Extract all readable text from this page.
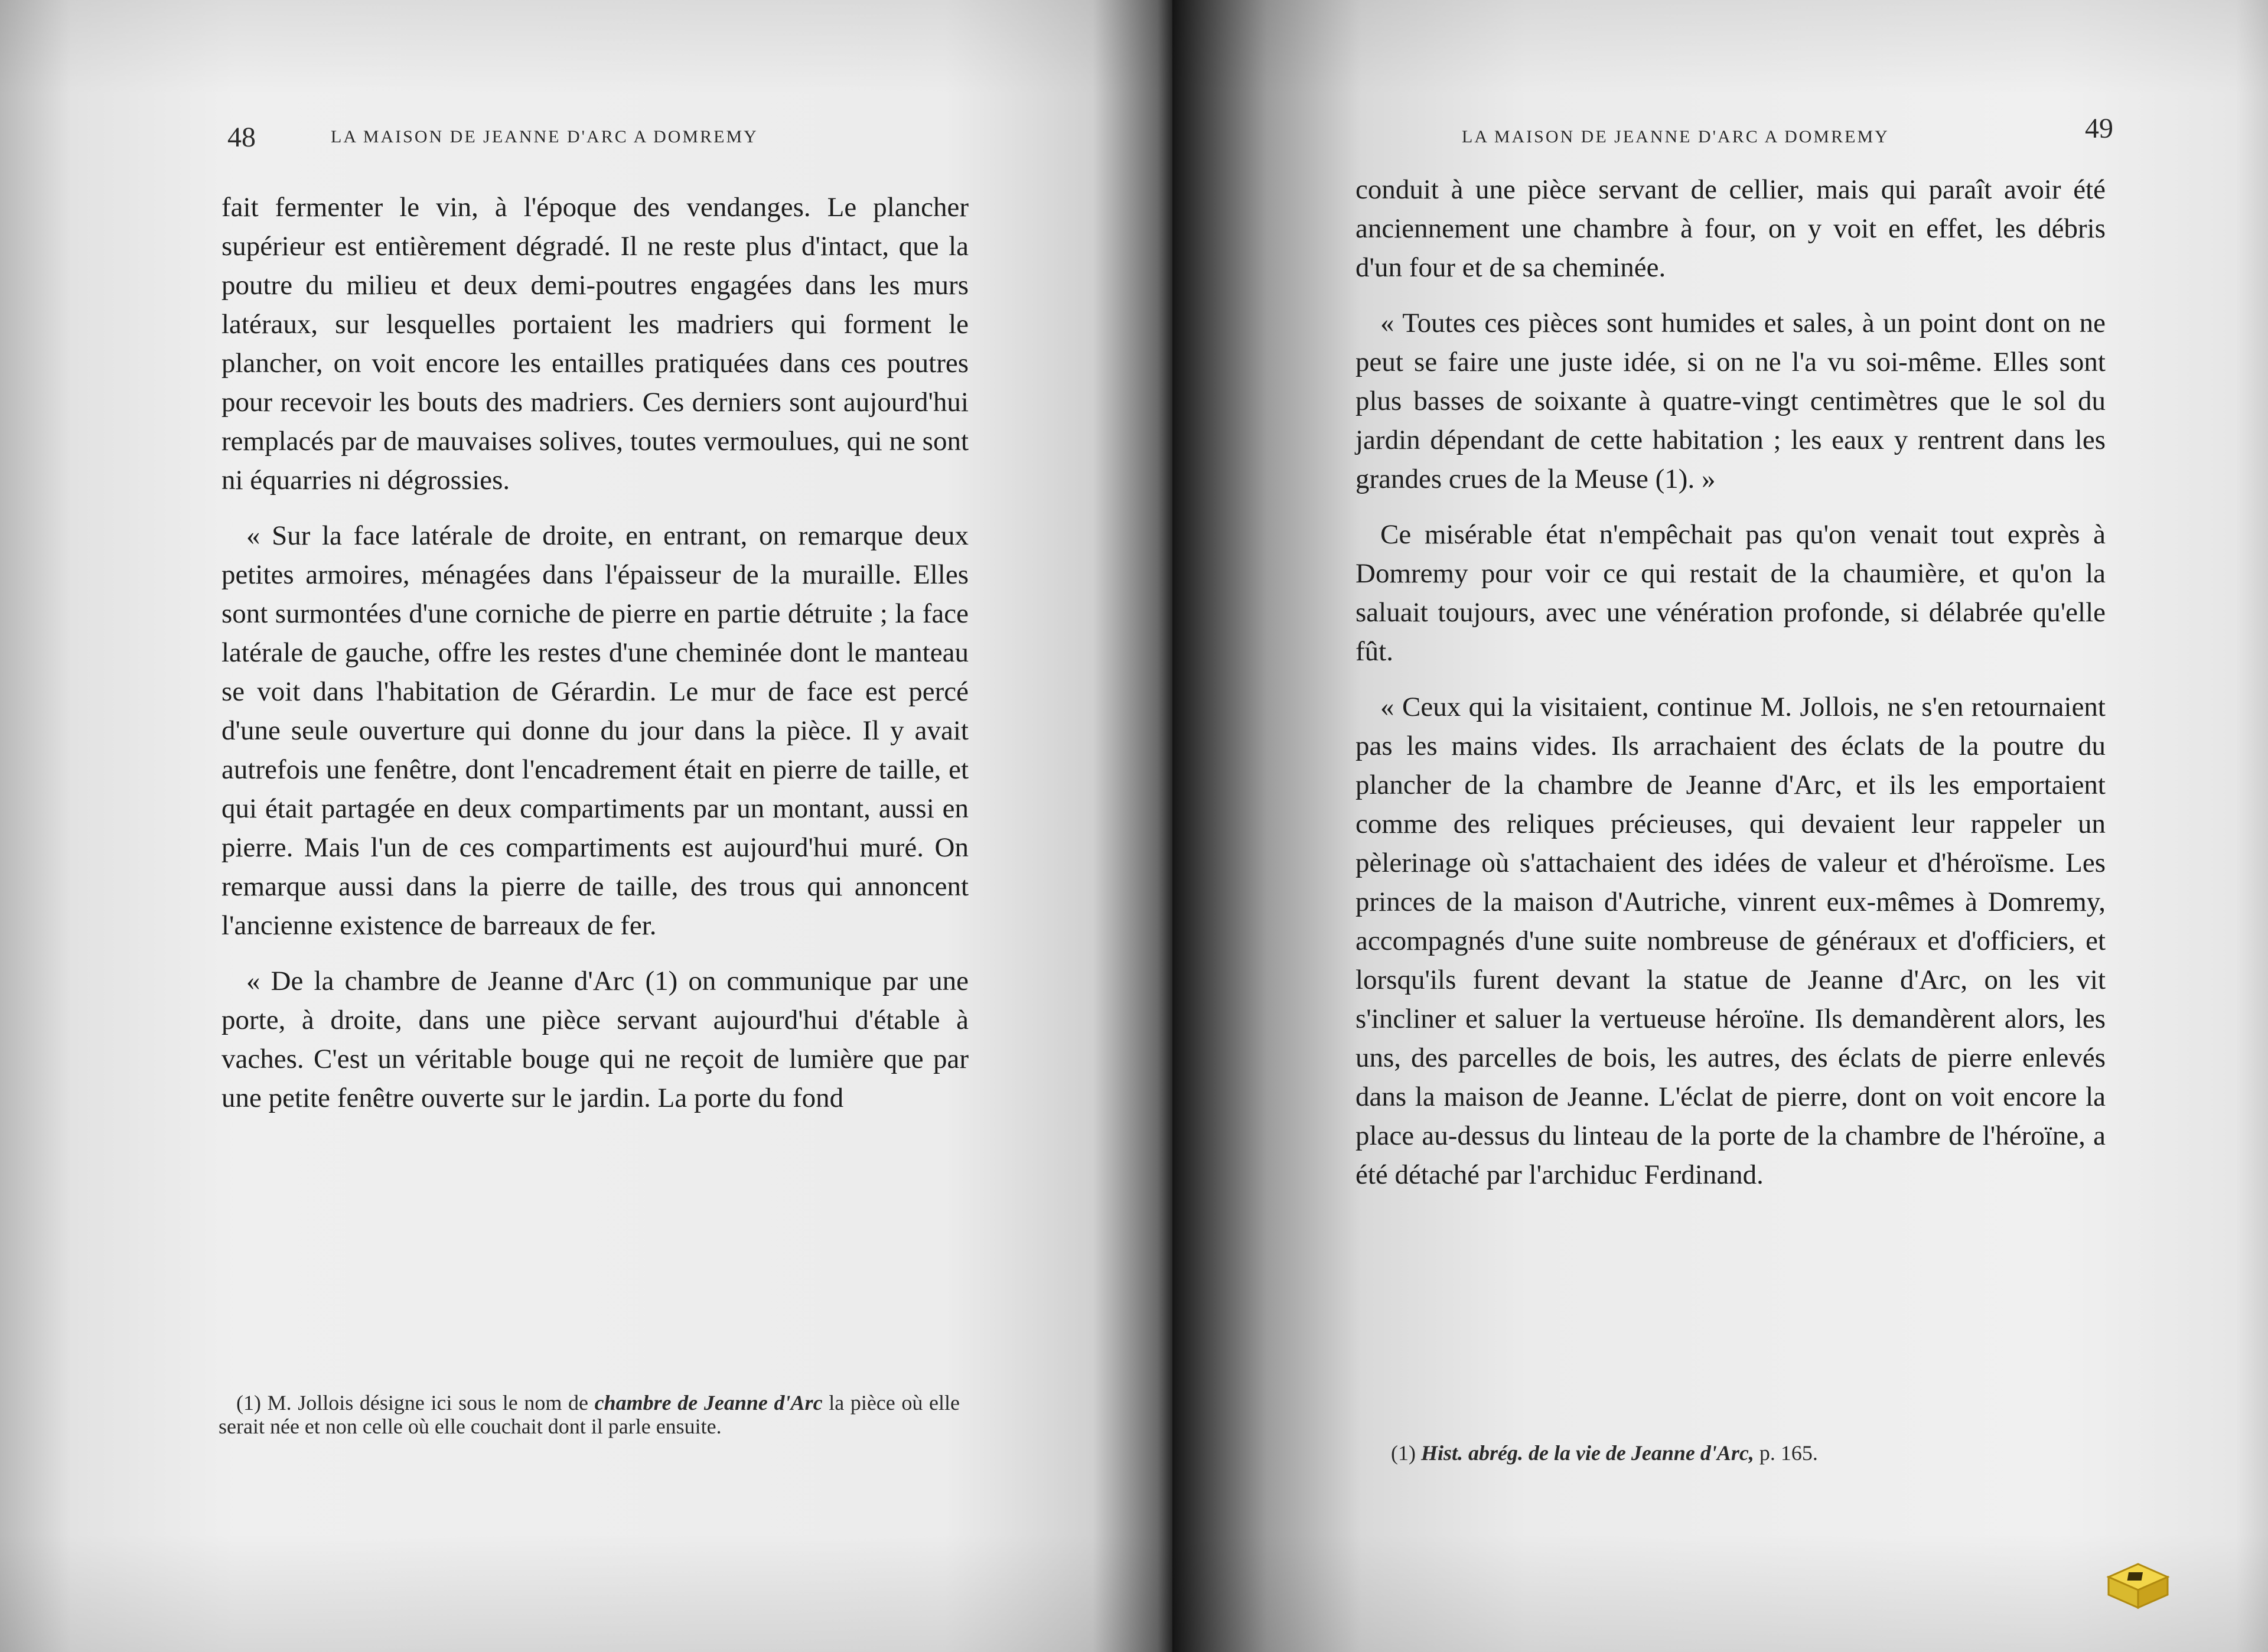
48	LA MAISON DE JEANNE D'ARC A DOMREMY

fait fermenter le vin, à l'époque des vendanges. Le plancher supérieur est entièrement dégradé. Il ne reste plus d'intact, que la poutre du milieu et deux demi-poutres engagées dans les murs latéraux, sur lesquelles portaient les madriers qui forment le plancher, on voit encore les entailles pratiquées dans ces poutres pour recevoir les bouts des madriers. Ces derniers sont aujourd'hui remplacés par de mauvaises solives, toutes vermoulues, qui ne sont ni équarries ni dégrossies.

« Sur la face latérale de droite, en entrant, on remarque deux petites armoires, ménagées dans l'épaisseur de la muraille. Elles sont surmontées d'une corniche de pierre en partie détruite ; la face latérale de gauche, offre les restes d'une cheminée dont le manteau se voit dans l'habitation de Gérardin. Le mur de face est percé d'une seule ouverture qui donne du jour dans la pièce. Il y avait autrefois une fenêtre, dont l'encadrement était en pierre de taille, et qui était partagée en deux compartiments par un montant, aussi en pierre. Mais l'un de ces compartiments est aujourd'hui muré. On remarque aussi dans la pierre de taille, des trous qui annoncent l'ancienne existence de barreaux de fer.

« De la chambre de Jeanne d'Arc (1) on communique par une porte, à droite, dans une pièce servant aujourd'hui d'étable à vaches. C'est un véritable bouge qui ne reçoit de lumière que par une petite fenêtre ouverte sur le jardin. La porte du fond

(1) M. Jollois désigne ici sous le nom de chambre de Jeanne d'Arc la pièce où elle serait née et non celle où elle couchait dont il parle ensuite.
LA MAISON DE JEANNE D'ARC A DOMREMY	49

conduit à une pièce servant de cellier, mais qui paraît avoir été anciennement une chambre à four, on y voit en effet, les débris d'un four et de sa cheminée.

« Toutes ces pièces sont humides et sales, à un point dont on ne peut se faire une juste idée, si on ne l'a vu soi-même. Elles sont plus basses de soixante à quatre-vingt centimètres que le sol du jardin dépendant de cette habitation ; les eaux y rentrent dans les grandes crues de la Meuse (1). »

Ce misérable état n'empêchait pas qu'on venait tout exprès à Domremy pour voir ce qui restait de la chaumière, et qu'on la saluait toujours, avec une vénération profonde, si délabrée qu'elle fût.

« Ceux qui la visitaient, continue M. Jollois, ne s'en retournaient pas les mains vides. Ils arrachaient des éclats de la poutre du plancher de la chambre de Jeanne d'Arc, et ils les emportaient comme des reliques précieuses, qui devaient leur rappeler un pèlerinage où s'attachaient des idées de valeur et d'héroïsme. Les princes de la maison d'Autriche, vinrent eux-mêmes à Domremy, accompagnés d'une suite nombreuse de généraux et d'officiers, et lorsqu'ils furent devant la statue de Jeanne d'Arc, on les vit s'incliner et saluer la vertueuse héroïne. Ils demandèrent alors, les uns, des parcelles de bois, les autres, des éclats de pierre enlevés dans la maison de Jeanne. L'éclat de pierre, dont on voit encore la place au-dessus du linteau de la porte de la chambre de l'héroïne, a été détaché par l'archiduc Ferdinand.

(1) Hist. abrég. de la vie de Jeanne d'Arc, p. 165.
